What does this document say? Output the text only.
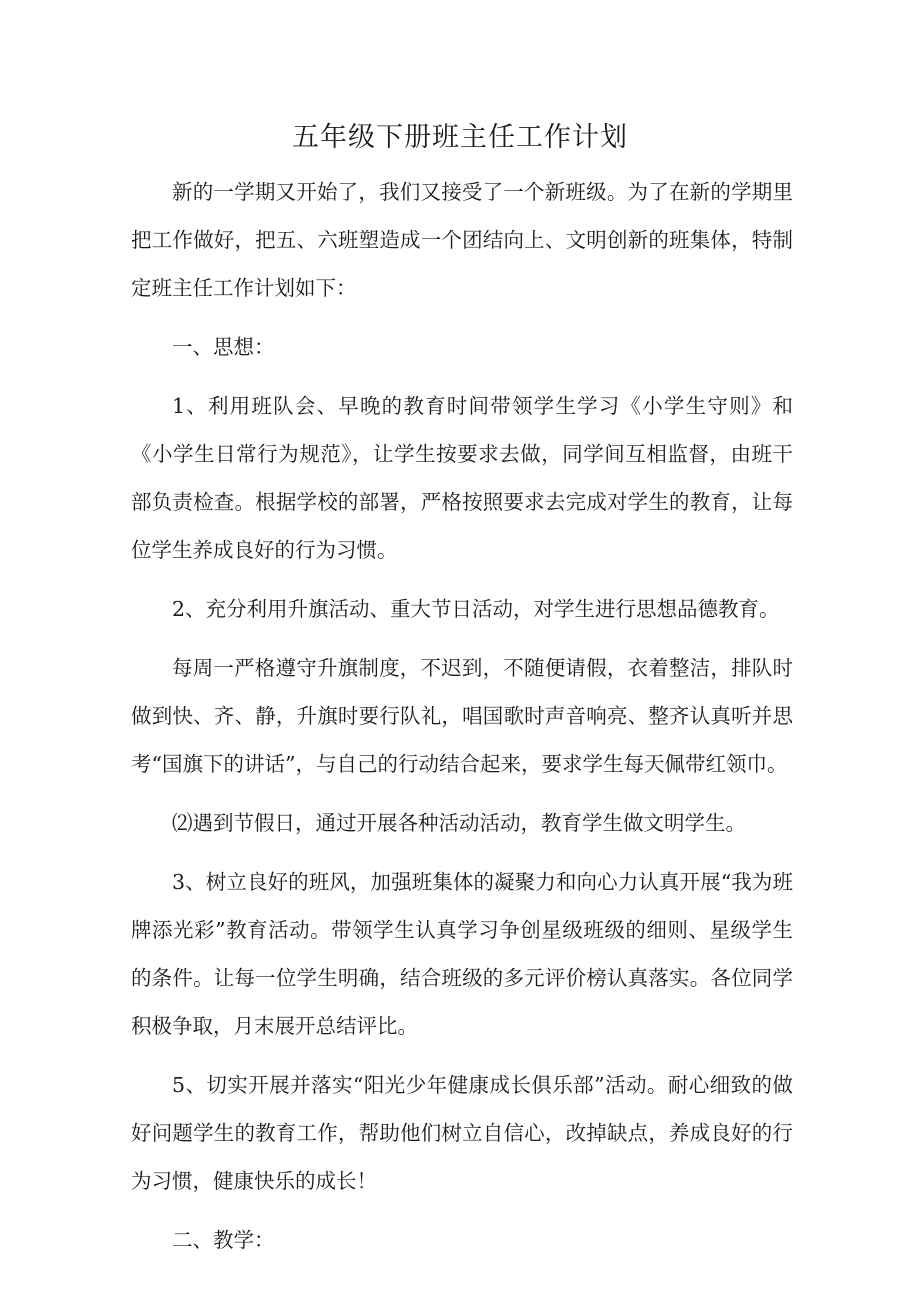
五年级下册班主任工作计划

新的一学期又开始了，我们又接受了一个新班级。为了在新的学期里把工作做好，把五、六班塑造成一个团结向上、文明创新的班集体，特制定班主任工作计划如下：

一、思想：

1、利用班队会、早晚的教育时间带领学生学习《小学生守则》和《小学生日常行为规范》，让学生按要求去做，同学间互相监督，由班干部负责检查。根据学校的部署，严格按照要求去完成对学生的教育，让每位学生养成良好的行为习惯。

2、充分利用升旗活动、重大节日活动，对学生进行思想品德教育。

每周一严格遵守升旗制度，不迟到，不随便请假，衣着整洁，排队时做到快、齐、静，升旗时要行队礼，唱国歌时声音响亮、整齐认真听并思考“国旗下的讲话”，与自己的行动结合起来，要求学生每天佩带红领巾。

⑵遇到节假日，通过开展各种活动活动，教育学生做文明学生。

3、树立良好的班风，加强班集体的凝聚力和向心力认真开展“我为班牌添光彩”教育活动。带领学生认真学习争创星级班级的细则、星级学生的条件。让每一位学生明确，结合班级的多元评价榜认真落实。各位同学积极争取，月末展开总结评比。

5、切实开展并落实“阳光少年健康成长俱乐部”活动。耐心细致的做好问题学生的教育工作，帮助他们树立自信心，改掉缺点，养成良好的行为习惯，健康快乐的成长！

二、教学：
